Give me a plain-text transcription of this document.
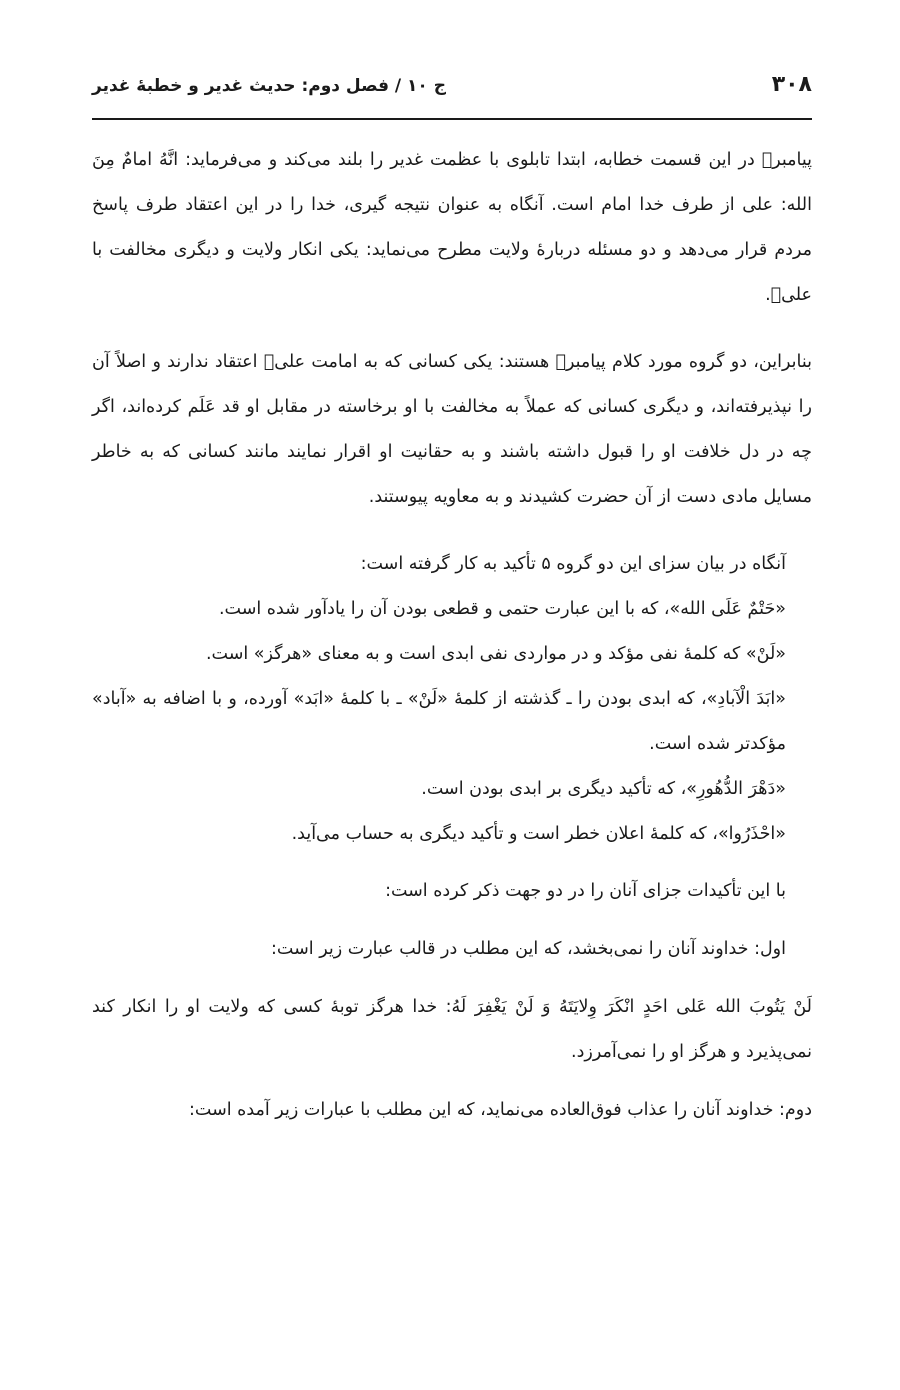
۳۰۸
ج ۱۰ / فصل دوم: حدیث غدیر و خطبهٔ غدیر

پیامبرﷺ در این قسمت خطابه، ابتدا تابلوی با عظمت غدیر را بلند می‌کند و می‌فرماید: انَّهُ امامٌ مِنَ الله: علی از طرف خدا امام است. آنگاه به عنوان نتیجه گیری، خدا را در این اعتقاد طرف پاسخ مردم قرار می‌دهد و دو مسئله دربارهٔ ولایت مطرح می‌نماید: یکی انکار ولایت و دیگری مخالفت با علیؑ.

بنابراین، دو گروه مورد کلام پیامبرﷺ هستند: یکی کسانی که به امامت علیؑ اعتقاد ندارند و اصلاً آن را نپذیرفته‌اند، و دیگری کسانی که عملاً به مخالفت با او برخاسته در مقابل او قد عَلَم کرده‌اند، اگر چه در دل خلافت او را قبول داشته باشند و به حقانیت او اقرار نمایند مانند کسانی که به خاطر مسایل مادی دست از آن حضرت کشیدند و به معاویه پیوستند.

آنگاه در بیان سزای این دو گروه ۵ تأکید به کار گرفته است:

«حَتْمٌ عَلَی الله»، که با این عبارت حتمی و قطعی بودن آن را یادآور شده است.

«لَنْ» که کلمهٔ نفی مؤکد و در مواردی نفی ابدی است و به معنای «هرگز» است.

«ابَدَ الْآبادِ»، که ابدی بودن را ـ گذشته از کلمهٔ «لَنْ» ـ با کلمهٔ «ابَد» آورده، و با اضافه به «آباد» مؤکدتر شده است.

«دَهْرَ الدُّهُورِ»، که تأکید دیگری بر ابدی بودن است.

«احْذَرُوا»، که کلمهٔ اعلان خطر است و تأکید دیگری به حساب می‌آید.

با این تأکیدات جزای آنان را در دو جهت ذکر کرده است:

اول: خداوند آنان را نمی‌بخشد، که این مطلب در قالب عبارت زیر است:

لَنْ یَتُوبَ الله عَلی احَدٍ انْکَرَ وِلایَتَهُ وَ لَنْ یَغْفِرَ لَهُ: خدا هرگز توبهٔ کسی که ولایت او را انکار کند نمی‌پذیرد و هرگز او را نمی‌آمرزد.

دوم: خداوند آنان را عذاب فوق‌العاده می‌نماید، که این مطلب با عبارات زیر آمده است:
